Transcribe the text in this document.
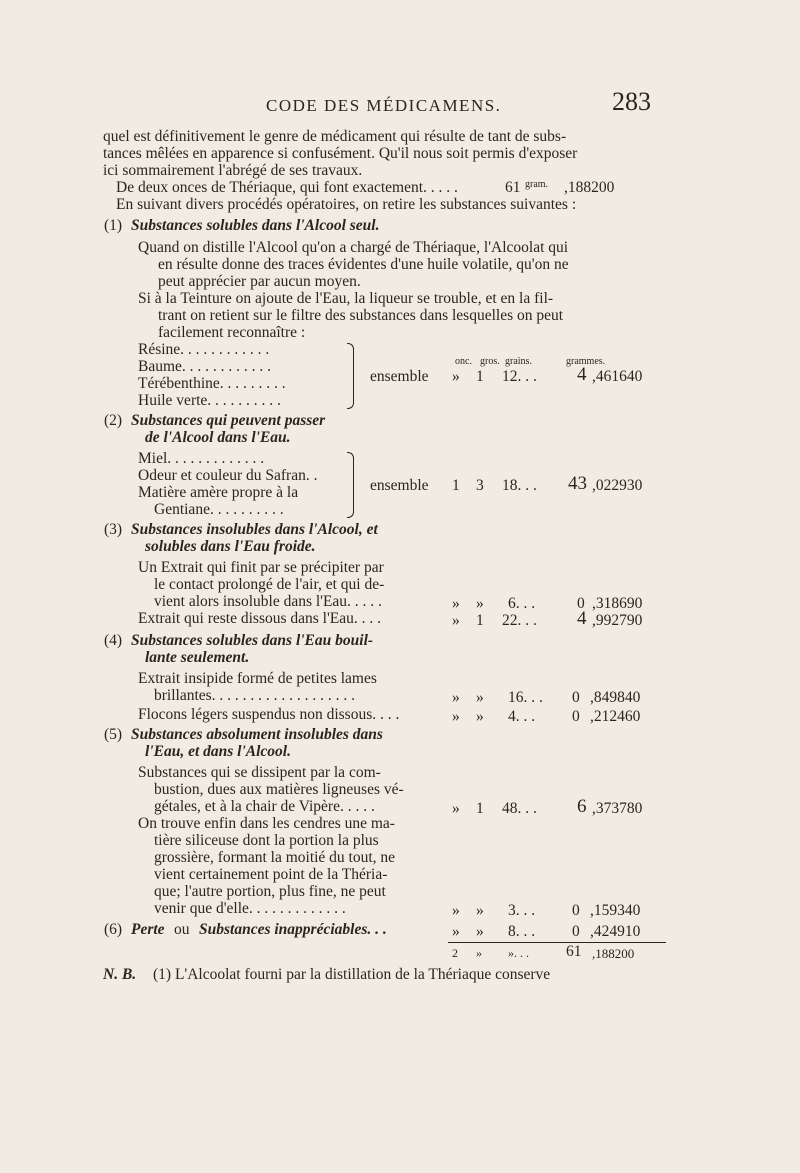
CODE DES MÉDICAMENS.	283
quel est définitivement le genre de médicament qui résulte de tant de subs-
tances mêlées en apparence si confusément. Qu'il nous soit permis d'exposer
ici sommairement l'abrégé de ses travaux.
De deux onces de Thériaque, qui font exactement. . . . .	61 gram. ,188200
En suivant divers procédés opératoires, on retire les substances suivantes :
(1) Substances solubles dans l'Alcool seul.
Quand on distille l'Alcool qu'on a chargé de Thériaque, l'Alcoolat qui
en résulte donne des traces évidentes d'une huile volatile, qu'on ne
peut apprécier par aucun moyen.
Si à la Teinture on ajoute de l'Eau, la liqueur se trouble, et en la fil-
trant on retient sur le filtre des substances dans lesquelles on peut
facilement reconnaître :
Résine. . . . . . . . . . . .
Baume. . . . . . . . . . . .
Térébenthine. . . . . . . . .
Huile verte. . . . . . . . . .
onc. gros. grains.	grammes.
ensemble » 1 12. . . 4 ,461640
(2) Substances qui peuvent passer
de l'Alcool dans l'Eau.
Miel. . . . . . . . . . . . .
Odeur et couleur du Safran. .
Matière amère propre à la
Gentiane. . . . . . . . . .
ensemble 1 3 18. . . 43 ,022930
(3) Substances insolubles dans l'Alcool, et
solubles dans l'Eau froide.
Un Extrait qui finit par se précipiter par
le contact prolongé de l'air, et qui de-
vient alors insoluble dans l'Eau. . . . .	» » 6. . .	0 ,318690
Extrait qui reste dissous dans l'Eau. . . .	» 1 22. . . 4 ,992790
(4) Substances solubles dans l'Eau bouil-
lante seulement.
Extrait insipide formé de petites lames
brillantes. . . . . . . . . . . . . . . . . . .	» » 16. . . 0 ,849840
Flocons légers suspendus non dissous. . . .	» » 4. . . 0 ,212460
(5) Substances absolument insolubles dans
l'Eau, et dans l'Alcool.
Substances qui se dissipent par la com-
bustion, dues aux matières ligneuses vé-
gétales, et à la chair de Vipère. . . . .	» 1 48. . . 6 ,373780
On trouve enfin dans les cendres une ma-
tière siliceuse dont la portion la plus
grossière, formant la moitié du tout, ne
vient certainement point de la Théria-
que; l'autre portion, plus fine, ne peut
venir que d'elle. . . . . . . . . . . . .	» » 3. . . 0 ,159340
(6) Perte ou Substances inappréciables. . .	» » 8. . . 0 ,424910
2 » ». . . 61 ,188200
N. B. (1) L'Alcoolat fourni par la distillation de la Thériaque conserve
